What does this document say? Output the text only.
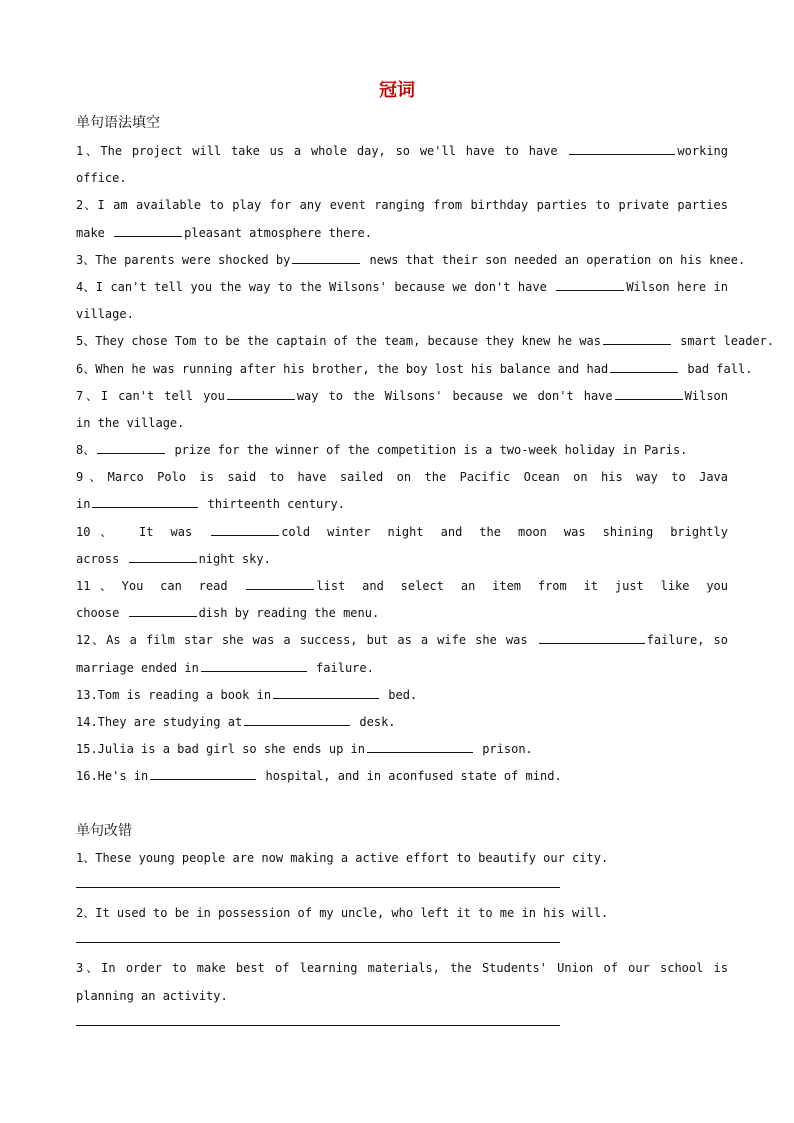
冠词
单句语法填空
1、The project will take us a whole day, so we'll have to have	working
office.
2、I am available to play for any event ranging from birthday parties to private parties
make	pleasant atmosphere there.
3、The parents were shocked by	news that their son needed an operation on his knee.
4、I can't tell you the way to the Wilsons' because we don't have	Wilson here in
village.
5、They chose Tom to be the captain of the team, because they knew he was	smart leader.
6、When he was running after his brother, the boy lost his balance and had	bad fall.
7、I can't tell you	way to the Wilsons' because we don't have	Wilson
in the village.
8、	prize for the winner of the competition is a two-week holiday in Paris.
9、Marco Polo is said to have sailed on the Pacific Ocean on his way to Java
in	thirteenth century.
10、 It was	cold winter night and the moon was shining brightly
across	night sky.
11、You can read	list and select an item from it just like you
choose	dish by reading the menu.
12、As a film star she was a success, but as a wife she was	failure, so
marriage ended in	failure.
13.Tom is reading a book in	bed.
14.They are studying at	desk.
15.Julia is a bad girl so she ends up in	prison.
16.He's in	hospital, and in aconfused state of mind.
单句改错
1、These young people are now making a active effort to beautify our city.
2、It used to be in possession of my uncle, who left it to me in his will.
3、In order to make best of learning materials, the Students' Union of our school is
planning an activity.
